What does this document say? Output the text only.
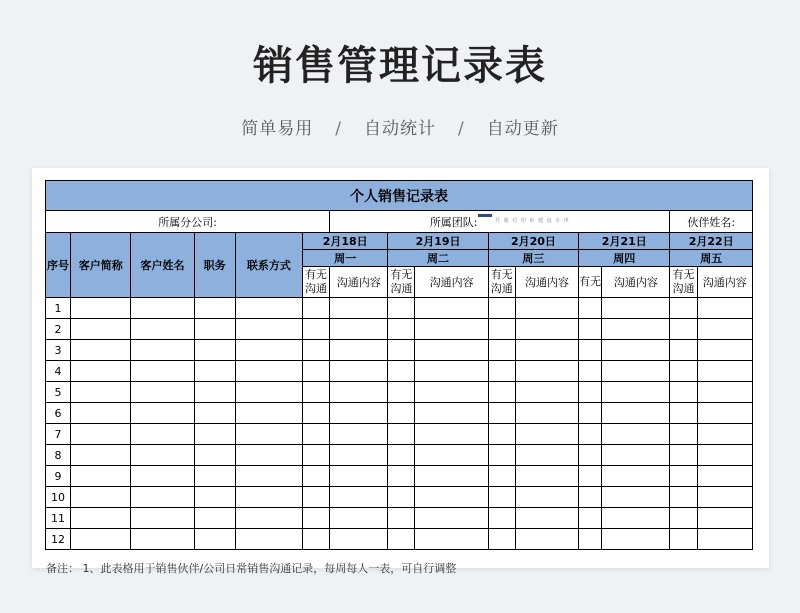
销售管理记录表
简单易用 / 自动统计 / 自动更新
个人销售记录表														
所属分公司:						所属团队: $^{共 收 付 印 单 建 设 专 世}$							伙伴姓名:	
序号	客户简称	客户姓名	职务	联系方式	2月18日		2月19日		2月20日		2月21日		2月22日	
					周一		周二		周三		周四		周五	
					有无沟通	沟通内容	有无沟通	沟通内容	有无沟通	沟通内容	有无	沟通内容	有无沟通	沟通内容
1														
2														
3														
4														
5														
6														
7														
8														
9														
10														
11														
12														
备注： 1、此表格用于销售伙伴/公司日常销售沟通记录，每周每人一表，可自行调整
